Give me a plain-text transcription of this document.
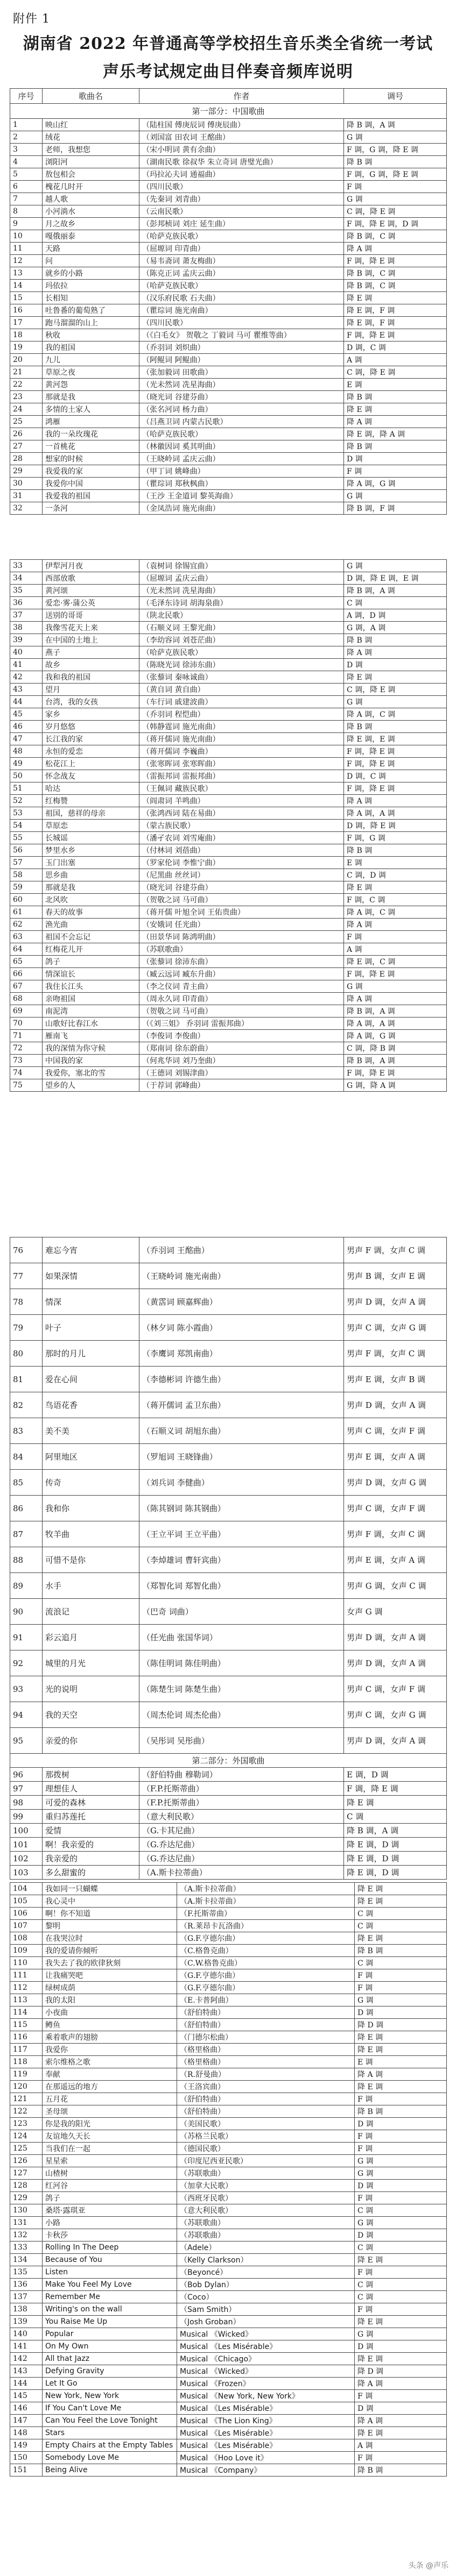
附件 1
湖南省 2022 年普通高等学校招生音乐类全省统一考试
声乐考试规定曲目伴奏音频库说明
序号	歌曲名	作者	调号
第一部分：中国歌曲			
1	映山红	（陆柱国 傅庚辰词 傅庚辰曲）	降 B 调，A 调
2	绒花	（刘国富 田农词 王酩曲）	G 调
3	老师，我想您	（宋小明词 黄有余曲）	F 调，G 调，降 E 调
4	浏阳河	（湖南民歌 徐叔华 朱立奇词 唐璧光曲）	降 B 调
5	敖包相会	（玛拉沁夫词 通福曲）	F 调，G 调，降 E 调
6	槐花几时开	（四川民歌）	F 调
7	越人歌	（先秦词 刘青曲）	G 调
8	小河淌水	（云南民歌）	C 调，降 E 调
9	月之故乡	（彭邦桢词 刘庄 延生曲）	F 调，降 E 调，D 调
10	嘎俄丽泰	（哈萨克族民歌）	降 B 调，C 调
11	天路	（屈塬词 印青曲）	降 A 调
12	问	（易韦斋词 萧友梅曲）	F 调，降 E 调
13	就乡的小路	（陈克正词 孟庆云曲）	降 B 调，C 调
14	玛依拉	（哈萨克族民歌）	降 B 调，C 调
15	长相知	（汉乐府民歌 石夫曲）	降 E 调
16	吐鲁番的葡萄熟了	（瞿琮词 施光南曲）	降 E 调，F 调
17	跑马溜溜的山上	（四川民歌）	降 E 调，F 调
18	秋收	（《白毛女》 贺敬之 丁毅词 马可 瞿维等曲）	F 调，降 E 调
19	我的祖国	（乔羽词 刘炽曲）	D 调，C 调
20	九儿	（阿鲲词 阿鲲曲）	A 调
21	草原之夜	（张加毅词 田歌曲）	C 调，降 E 调
22	黄河怨	（光未然词 冼星海曲）	E 调
23	那就是我	（晓光词 谷建芬曲）	降 B 调
24	多情的土家人	（张名河词 杨力曲）	降 E 调
25	鸿雁	（吕燕卫词 内蒙古民歌）	降 A 调
26	我的一朵玫瑰花	（哈萨克族民歌）	降 E 调，降 A 调
27	一首桃花	（林徽因词 奚其明曲）	降 B 调
28	想家的时候	（王晓岭词 孟庆云曲）	D 调
29	我爱我的家	（甲丁词 姚峰曲）	F 调
30	我爱你中国	（瞿琮词 郑秋枫曲）	降 A 调，G 调
31	我爱我的祖国	（王沙 王金道词 黎英海曲）	G 调
32	一条河	（金凤浩词 施光南曲）	降 B 调，F 调
33	伊犁河月夜	（袁树词 徐锡宜曲）	G 调
34	西部放歌	（屈塬词 孟庆云曲）	D 调，降 E 调，E 调
35	黄河颂	（光未然词 冼星海曲）	降 B 调，A 调
36	爱恋·雾·蒲公英	（毛泽东诗词 胡海泉曲）	C 调
37	送别的哥哥	（陕北民歌）	A 调，D 调
38	我像雪花天上来	（石顺义词 王黎光曲）	G 调，A 调
39	在中国的土地上	（李幼容词 刘苍茫曲）	降 B 调
40	燕子	（哈萨克族民歌）	降 A 调
41	故乡	（陈晓光词 徐沛东曲）	D 调
42	我和我的祖国	（张藜词 秦咏诚曲）	降 E 调
43	望月	（黄自词 黄自曲）	C 调，降 E 调
44	台湾，我的女孩	（车行词 戚建波曲）	G 调
45	家乡	（乔羽词 程恺曲）	降 A 调，C 调
46	岁月悠悠	（韩静霆词 施光南曲）	降 B 调
47	长江我的家	（蒋开儒词 施光南曲）	降 E 调，E 调
48	永恒的爱恋	（蒋开儒词 李巍曲）	F 调，降 E 调
49	松花江上	（张寒晖词 张寒晖曲）	F 调，降 E 调
50	怀念战友	（雷振邦词 雷振邦曲）	D 调，C 调
51	哈达	（王佩词 藏族民歌）	F 调，降 E 调
52	红梅赞	（阎肃词 羊鸣曲）	降 A 调
53	祖国，慈祥的母亲	（张鸿西词 陆在易曲）	降 A 调，A 调
54	草原恋	（蒙古族民歌）	D 调，降 E 调
55	长城谣	（潘孑农词 刘雪庵曲）	F 调，G 调
56	梦里水乡	（付林词 刘蓓曲）	降 B 调
57	玉门出塞	（罗家伦词 李惟宁曲）	E 调
58	思乡曲	（尼黑曲 丝丝词）	C 调，D 调
59	那就是我	（晓光词 谷建芬曲）	降 E 调
60	北风吹	（贺敬之词 马可曲）	F 调，C 调
61	春天的故事	（蒋开儒 叶旭全词 王佑贵曲）	降 A 调，C 调
62	渔光曲	（安娥词 任光曲）	降 A 调
63	祖国不会忘记	（田景华词 陈鸿明曲）	F 调
64	红梅花儿开	（苏联歌曲）	A 调
65	鸽子	（张藜词 徐沛东曲）	降 E 调，C 调
66	情深谊长	（臧云远词 臧东升曲）	F 调，降 E 调
67	我住长江头	（李之仪词 青主曲）	G 调
68	亲吻祖国	（周永久词 印青曲）	降 A 调
69	南泥湾	（贺敬之词 马可曲）	降 B 调，A 调
70	山歌好比春江水	（《刘三姐》 乔羽词 雷振邦曲）	降 A 调，A 调
71	雁南飞	（李俊词 李俊曲）	降 A 调，G 调
72	我的深情为你守候	（郑南词 徐东蔚曲）	C 调，降 B 调
73	中国我的家	（何兆华词 刘乃奎曲）	降 B 调，A 调
74	我爱你，塞北的雪	（王德词 刘锡津曲）	F 调，降 E 调
75	望乡的人	（于荐词 郭峰曲）	G 调，降 A 调
76	难忘今宵	（乔羽词 王酩曲）	男声 F 调，女声 C 调
77	如果深情	（王晓岭词 施光南曲）	男声 B 调，女声 E 调
78	情深	（黄霑词 顾嘉辉曲）	男声 D 调，女声 A 调
79	叶子	（林夕词 陈小霞曲）	男声 C 调，女声 G 调
80	那时的月儿	（李鹰词 郑凯南曲）	男声 F 调，女声 C 调
81	爱在心间	（李德彬词 许德生曲）	男声 E 调，女声 B 调
82	鸟语花香	（蒋开儒词 孟卫东曲）	男声 D 调，女声 A 调
83	美不美	（石顺义词 胡旭东曲）	男声 C 调，女声 F 调
84	阿里地区	（罗旭词 王晓锋曲）	男声 E 调，女声 A 调
85	传奇	（刘兵词 李健曲）	男声 D 调，女声 G 调
86	我和你	（陈其钢词 陈其钢曲）	男声 C 调，女声 F 调
87	牧羊曲	（王立平词 王立平曲）	男声 F 调，女声 C 调
88	可惜不是你	（李焯雄词 曹轩宾曲）	男声 E 调，女声 A 调
89	水手	（郑智化词 郑智化曲）	男声 G 调，女声 C 调
90	流浪记	（巴奇 词曲）	女声 G 调
91	彩云追月	（任光曲 张国华词）	男声 D 调，女声 A 调
92	城里的月光	（陈佳明词 陈佳明曲）	男声 D 调，女声 A 调
93	光的说明	（陈楚生词 陈楚生曲）	男声 C 调，女声 F 调
94	我的天空	（周杰伦词 周杰伦曲）	男声 C 调，女声 G 调
95	亲爱的你	（吴彤词 吴彤曲）	男声 D 调，女声 A 调
第二部分：外国歌曲			
96	那拨树	（舒伯特曲 穆勒词）	E 调，D 调
97	理想佳人	（F.P.托斯蒂曲）	F 调，降 E 调
98	可爱的森林	（F.P.托斯蒂曲）	降 E 调
99	重归苏莲托	（意大利民歌）	C 调
100	爱情	（G.卡其尼曲）	降 B 调，A 调
101	啊！我亲爱的	（G.乔达尼曲）	降 E 调，D 调
102	我亲爱的	（G.乔达尼曲）	降 E 调，D 调
103	多么甜蜜的	（A.斯卡拉蒂曲）	降 E 调，D 调
104	我如同一只蝴蝶	（A.斯卡拉蒂曲）	降 E 调
105	我心灵中	（A.斯卡拉蒂曲）	降 E 调
106	啊！你不知道	（F.托斯蒂曲）	C 调
107	黎明	（R.莱昂卡瓦洛曲）	C 调
108	在我哭泣时	（G.F.亨德尔曲）	降 E 调
109	我的爱请你倾听	（C.格鲁克曲）	降 B 调
110	我失去了我的欧律狄刻	（C.W.格鲁克曲）	C 调
111	让我痛哭吧	（G.F.亨德尔曲）	F 调
112	绿树成荫	（G.F.亨德尔曲）	F 调
113	我的太阳	（E.卡普阿曲）	G 调
114	小夜曲	（舒伯特曲）	D 调
115	鳟鱼	（舒伯特曲）	降 D 调
116	乘着歌声的翅膀	（门德尔松曲）	降 E 调
117	我爱你	（格里格曲）	降 E 调
118	索尔维格之歌	（格里格曲）	E 调
119	奉献	（R.舒曼曲）	降 A 调
120	在那遥远的地方	（王洛宾曲）	降 E 调
121	五月花	（舒伯特曲）	F 调
122	圣母颂	（舒伯特曲）	降 B 调
123	你是我的阳光	（美国民歌）	D 调
124	友谊地久天长	（苏格兰民歌）	F 调
125	当我们在一起	（德国民歌）	F 调
126	星星索	（印度尼西亚民歌）	G 调
127	山楂树	（苏联歌曲）	G 调
128	红河谷	（加拿大民歌）	D 调
129	鸽子	（西班牙民歌）	F 调
130	桑塔·露琪亚	（意大利民歌）	C 调
131	小路	（苏联歌曲）	G 调
132	卡秋莎	（苏联歌曲）	D 调
133	Rolling In The Deep	（Adele）	C 调
134	Because of You	（Kelly Clarkson）	降 E 调
135	Listen	（Beyoncé）	F 调
136	Make You Feel My Love	（Bob Dylan）	C 调
137	Remember Me	（Coco）	C 调
138	Writing's on the wall	（Sam Smith）	F 调
139	You Raise Me Up	（Josh Groban）	降 E 调
140	Popular	Musical 《Wicked》	G 调
141	On My Own	Musical 《Les Misérable》	D 调
142	All that Jazz	Musical 《Chicago》	降 E 调
143	Defying Gravity	Musical 《Wicked》	降 D 调
144	Let It Go	Musical 《Frozen》	降 A 调
145	New York, New York	Musical 《New York, New York》	F 调
146	If You Can't Love Me	Musical 《Les Misérable》	D 调
147	Can You Feel the Love Tonight	Musical 《The Lion King》	降 A 调
148	Stars	Musical 《Les Misérable》	降 E 调
149	Empty Chairs at the Empty Tables	Musical 《Les Misérable》	A 调
150	Somebody Love Me	Musical 《Hoo Love it》	F 调
151	Being Alive	Musical 《Company》	降 B 调
头条 @声乐
